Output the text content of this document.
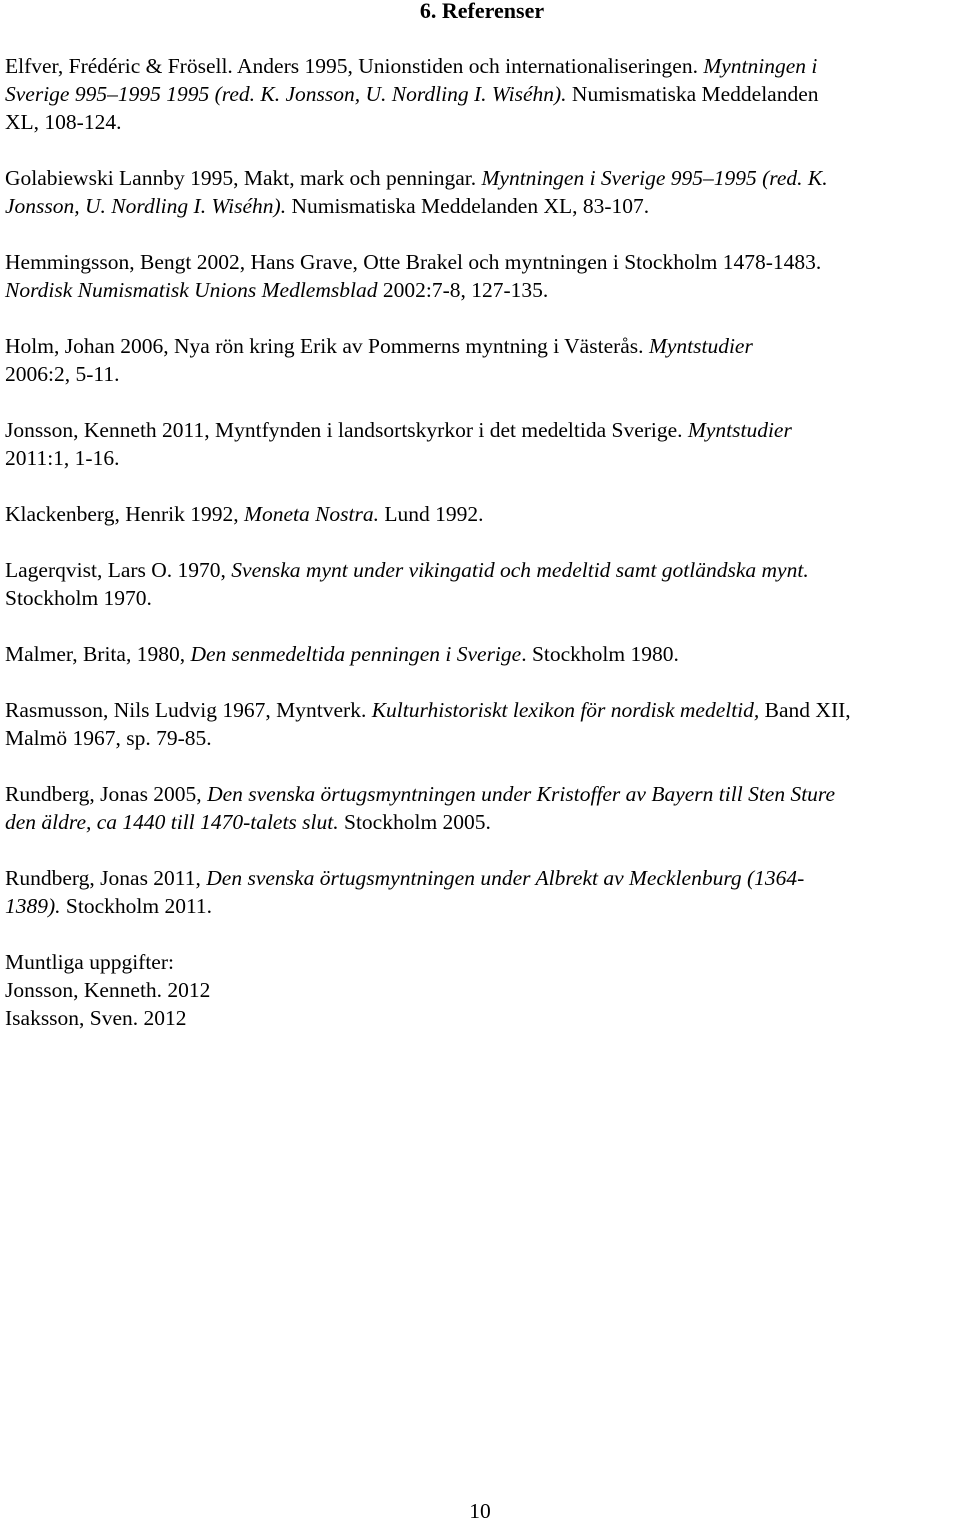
6. Referenser

Elfver, Frédéric & Frösell. Anders 1995, Unionstiden och internationaliseringen. Myntningen i
Sverige 995–1995 1995 (red. K. Jonsson, U. Nordling I. Wiséhn). Numismatiska Meddelanden
XL, 108-124.

Golabiewski Lannby 1995, Makt, mark och penningar. Myntningen i Sverige 995–1995 (red. K.
Jonsson, U. Nordling I. Wiséhn). Numismatiska Meddelanden XL, 83-107.

Hemmingsson, Bengt 2002, Hans Grave, Otte Brakel och myntningen i Stockholm 1478-1483.
Nordisk Numismatisk Unions Medlemsblad 2002:7-8, 127-135.

Holm, Johan 2006, Nya rön kring Erik av Pommerns myntning i Västerås. Myntstudier
2006:2, 5-11.

Jonsson, Kenneth 2011, Myntfynden i landsortskyrkor i det medeltida Sverige. Myntstudier
2011:1, 1-16.

Klackenberg, Henrik 1992, Moneta Nostra. Lund 1992.

Lagerqvist, Lars O. 1970, Svenska mynt under vikingatid och medeltid samt gotländska mynt.
Stockholm 1970.

Malmer, Brita, 1980, Den senmedeltida penningen i Sverige. Stockholm 1980.

Rasmusson, Nils Ludvig 1967, Myntverk. Kulturhistoriskt lexikon för nordisk medeltid, Band XII,
Malmö 1967, sp. 79-85.

Rundberg, Jonas 2005, Den svenska örtugsmyntningen under Kristoffer av Bayern till Sten Sture
den äldre, ca 1440 till 1470-talets slut. Stockholm 2005.

Rundberg, Jonas 2011, Den svenska örtugsmyntningen under Albrekt av Mecklenburg (1364-
1389). Stockholm 2011.

Muntliga uppgifter:
Jonsson, Kenneth. 2012
Isaksson, Sven. 2012
10
